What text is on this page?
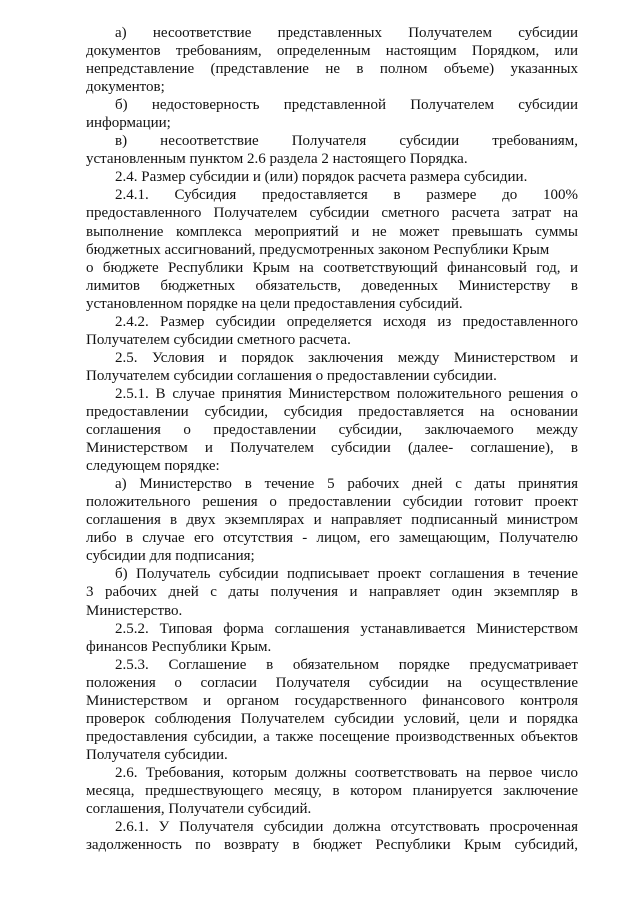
а) несоответствие представленных Получателем субсидии
документов требованиям, определенным настоящим Порядком, или
непредставление (представление не в полном объеме) указанных
документов;
б) недостоверность представленной Получателем субсидии
информации;
в) несоответствие Получателя субсидии требованиям,
установленным пунктом 2.6 раздела 2 настоящего Порядка.
2.4. Размер субсидии и (или) порядок расчета размера субсидии.
2.4.1. Субсидия предоставляется в размере до 100%
предоставленного Получателем субсидии сметного расчета затрат на
выполнение комплекса мероприятий и не может превышать суммы
бюджетных ассигнований, предусмотренных законом Республики Крым
о бюджете Республики Крым на соответствующий финансовый год, и
лимитов бюджетных обязательств, доведенных Министерству в
установленном порядке на цели предоставления субсидий.
2.4.2. Размер субсидии определяется исходя из предоставленного
Получателем субсидии сметного расчета.
2.5. Условия и порядок заключения между Министерством и
Получателем субсидии соглашения о предоставлении субсидии.
2.5.1. В случае принятия Министерством положительного решения о
предоставлении субсидии, субсидия предоставляется на основании
соглашения о предоставлении субсидии, заключаемого между
Министерством и Получателем субсидии (далее- соглашение), в
следующем порядке:
а) Министерство в течение 5 рабочих дней с даты принятия
положительного решения о предоставлении субсидии готовит проект
соглашения в двух экземплярах и направляет подписанный министром
либо в случае его отсутствия - лицом, его замещающим, Получателю
субсидии для подписания;
б) Получатель субсидии подписывает проект соглашения в течение
3 рабочих дней с даты получения и направляет один экземпляр в
Министерство.
2.5.2. Типовая форма соглашения устанавливается Министерством
финансов Республики Крым.
2.5.3. Соглашение в обязательном порядке предусматривает
положения о согласии Получателя субсидии на осуществление
Министерством и органом государственного финансового контроля
проверок соблюдения Получателем субсидии условий, цели и порядка
предоставления субсидии, а также посещение производственных объектов
Получателя субсидии.
2.6. Требования, которым должны соответствовать на первое число
месяца, предшествующего месяцу, в котором планируется заключение
соглашения, Получатели субсидий.
2.6.1. У Получателя субсидии должна отсутствовать просроченная
задолженность по возврату в бюджет Республики Крым субсидий,
